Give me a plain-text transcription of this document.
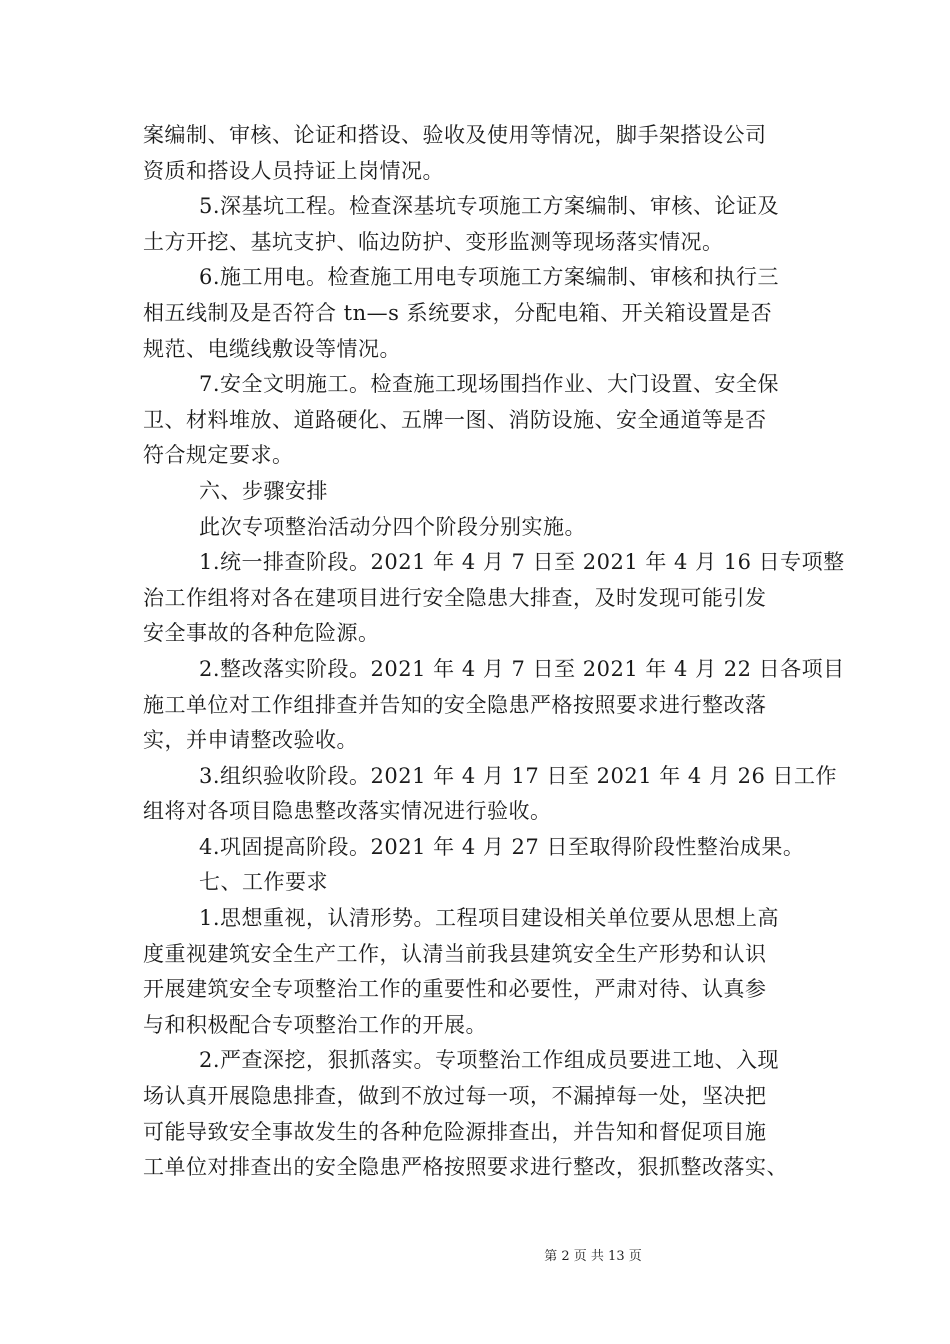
案编制、审核、论证和搭设、验收及使用等情况，脚手架搭设公司
资质和搭设人员持证上岗情况。

5.深基坑工程。检查深基坑专项施工方案编制、审核、论证及
土方开挖、基坑支护、临边防护、变形监测等现场落实情况。

6.施工用电。检查施工用电专项施工方案编制、审核和执行三
相五线制及是否符合 tn—s 系统要求，分配电箱、开关箱设置是否
规范、电缆线敷设等情况。

7.安全文明施工。检查施工现场围挡作业、大门设置、安全保
卫、材料堆放、道路硬化、五牌一图、消防设施、安全通道等是否
符合规定要求。

六、步骤安排

此次专项整治活动分四个阶段分别实施。

1.统一排查阶段。2021 年 4 月 7 日至 2021 年 4 月 16 日专项整
治工作组将对各在建项目进行安全隐患大排查，及时发现可能引发
安全事故的各种危险源。

2.整改落实阶段。2021 年 4 月 7 日至 2021 年 4 月 22 日各项目
施工单位对工作组排查并告知的安全隐患严格按照要求进行整改落
实，并申请整改验收。

3.组织验收阶段。2021 年 4 月 17 日至 2021 年 4 月 26 日工作
组将对各项目隐患整改落实情况进行验收。

4.巩固提高阶段。2021 年 4 月 27 日至取得阶段性整治成果。

七、工作要求

1.思想重视，认清形势。工程项目建设相关单位要从思想上高
度重视建筑安全生产工作，认清当前我县建筑安全生产形势和认识
开展建筑安全专项整治工作的重要性和必要性，严肃对待、认真参
与和积极配合专项整治工作的开展。

2.严查深挖，狠抓落实。专项整治工作组成员要进工地、入现
场认真开展隐患排查，做到不放过每一项，不漏掉每一处，坚决把
可能导致安全事故发生的各种危险源排查出，并告知和督促项目施
工单位对排查出的安全隐患严格按照要求进行整改，狠抓整改落实、

第 2 页 共 13 页
